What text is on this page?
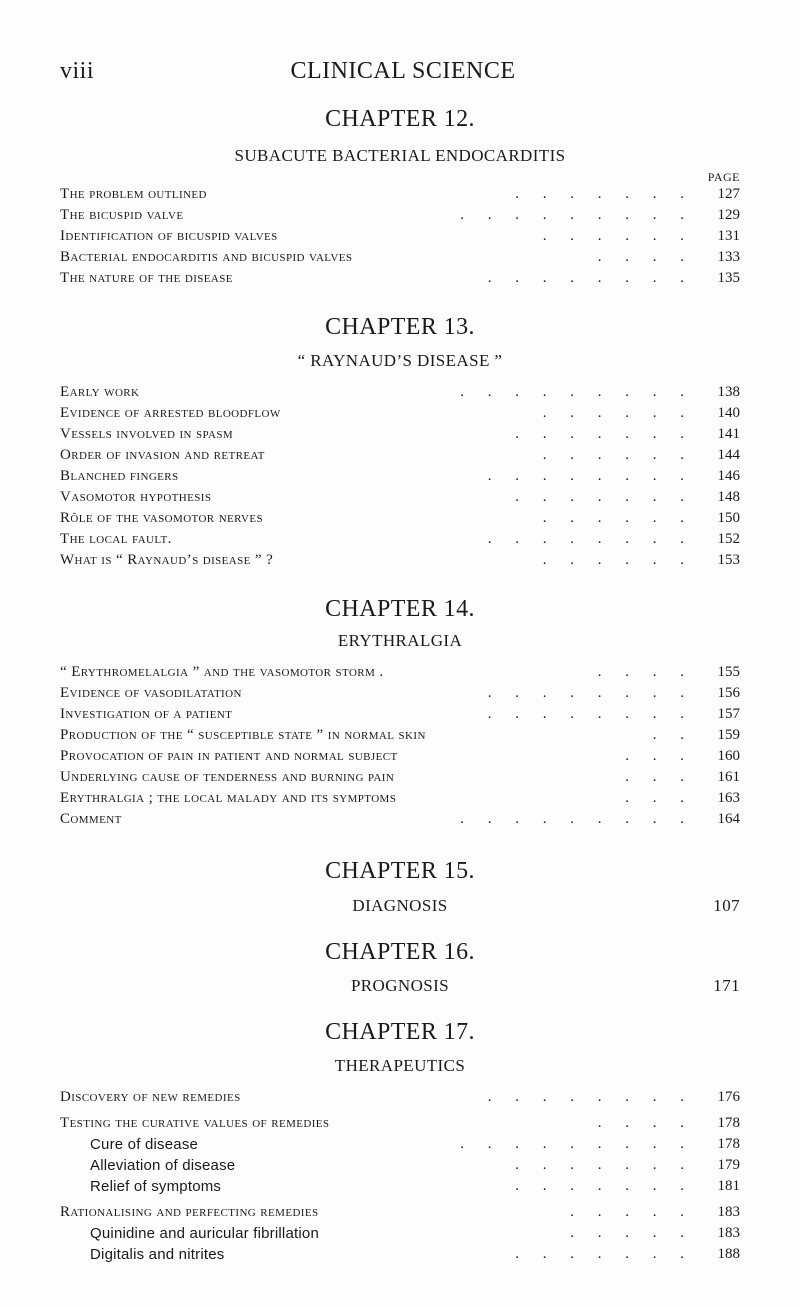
viii	CLINICAL SCIENCE
CHAPTER 12.
SUBACUTE BACTERIAL ENDOCARDITIS
PAGE
The problem outlined	. . . . . . .	127
The bicuspid valve	. . . . . . . . .	129
Identification of bicuspid valves	. . . . . .	131
Bacterial endocarditis and bicuspid valves	. . . .	133
The nature of the disease	. . . . . . . .	135
CHAPTER 13.
“ RAYNAUD’S DISEASE ”
Early work	. . . . . . . . .	138
Evidence of arrested bloodflow	. . . . . .	140
Vessels involved in spasm	. . . . . . .	141
Order of invasion and retreat	. . . . . .	144
Blanched fingers	. . . . . . . .	146
Vasomotor hypothesis	. . . . . . .	148
Rôle of the vasomotor nerves	. . . . . .	150
The local fault.	. . . . . . . .	152
What is “ Raynaud’s disease ” ?	. . . . . .	153
CHAPTER 14.
ERYTHRALGIA
“ Erythromelalgia ” and the vasomotor storm .	. . . .	155
Evidence of vasodilatation	. . . . . . . .	156
Investigation of a patient	. . . . . . . .	157
Production of the “ susceptible state ” in normal skin	. .	159
Provocation of pain in patient and normal subject	. . .	160
Underlying cause of tenderness and burning pain	. . .	161
Erythralgia ; the local malady and its symptoms	. . .	163
Comment	. . . . . . . . .	164
CHAPTER 15.
DIAGNOSIS	107
CHAPTER 16.
PROGNOSIS	171
CHAPTER 17.
THERAPEUTICS
Discovery of new remedies	. . . . . . . .	176
Testing the curative values of remedies	. . . .	178
Cure of disease	. . . . . . . . .	178
Alleviation of disease	. . . . . . .	179
Relief of symptoms	. . . . . . .	181
Rationalising and perfecting remedies	. . . . .	183
Quinidine and auricular fibrillation	. . . . .	183
Digitalis and nitrites	. . . . . . .	188
